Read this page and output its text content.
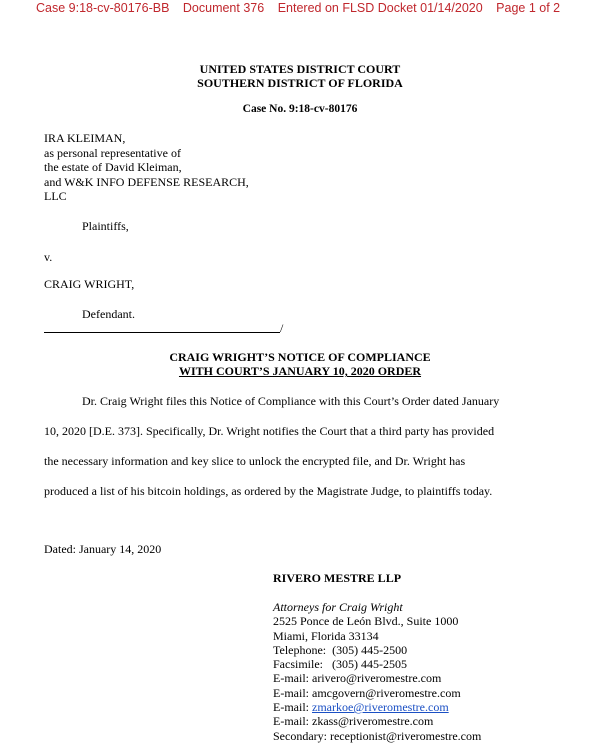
Case 9:18-cv-80176-BB Document 376 Entered on FLSD Docket 01/14/2020 Page 1 of 2
UNITED STATES DISTRICT COURT
SOUTHERN DISTRICT OF FLORIDA
Case No. 9:18-cv-80176
IRA KLEIMAN,
as personal representative of
the estate of David Kleiman,
and W&K INFO DEFENSE RESEARCH,
LLC
Plaintiffs,
v.
CRAIG WRIGHT,
Defendant.
/
CRAIG WRIGHT’S NOTICE OF COMPLIANCE
WITH COURT’S JANUARY 10, 2020 ORDER
Dr. Craig Wright files this Notice of Compliance with this Court’s Order dated January
10, 2020 [D.E. 373]. Specifically, Dr. Wright notifies the Court that a third party has provided
the necessary information and key slice to unlock the encrypted file, and Dr. Wright has
produced a list of his bitcoin holdings, as ordered by the Magistrate Judge, to plaintiffs today.
Dated: January 14, 2020
RIVERO MESTRE LLP
Attorneys for Craig Wright
2525 Ponce de León Blvd., Suite 1000
Miami, Florida 33134
Telephone:  (305) 445-2500
Facsimile:   (305) 445-2505
E-mail: arivero@riveromestre.com
E-mail: amcgovern@riveromestre.com
E-mail: zmarkoe@riveromestre.com
E-mail: zkass@riveromestre.com
Secondary: receptionist@riveromestre.com
